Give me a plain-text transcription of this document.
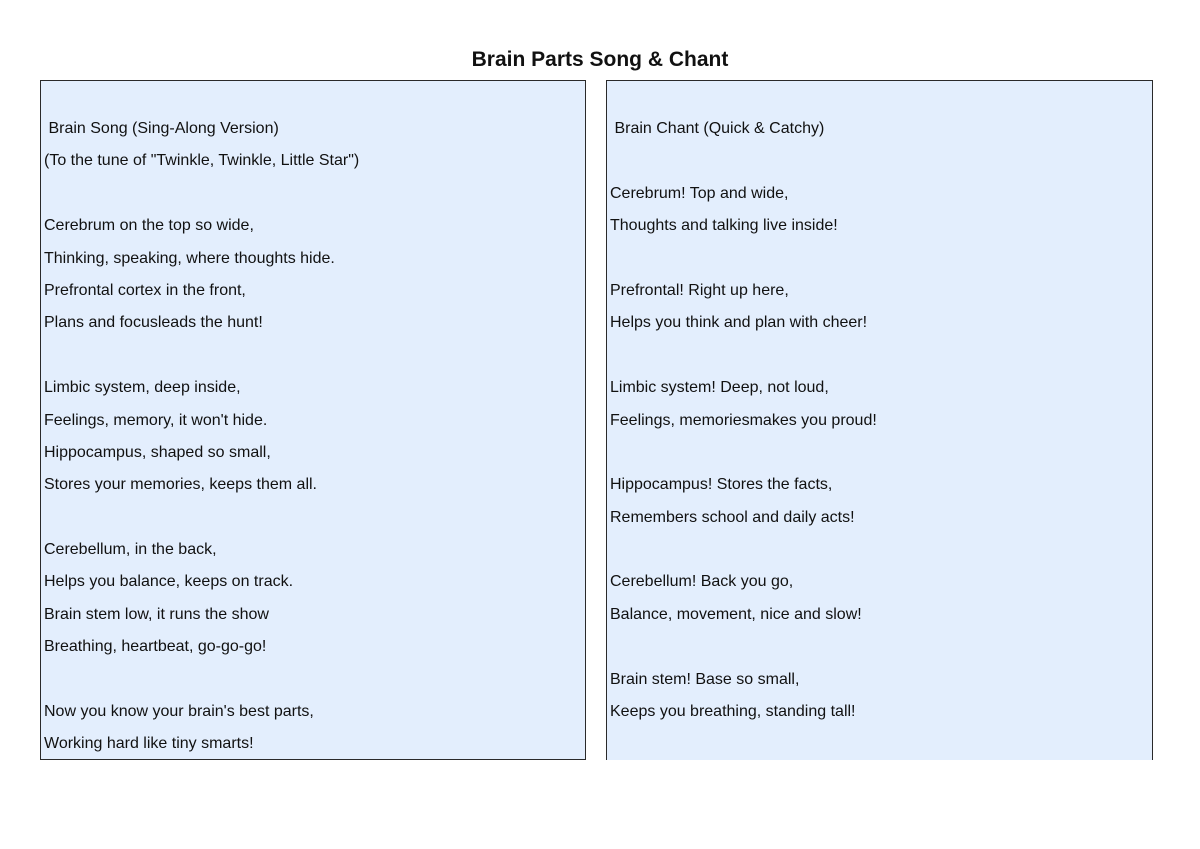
Brain Parts Song & Chant
Brain Song (Sing-Along Version)
(To the tune of "Twinkle, Twinkle, Little Star")
Cerebrum on the top so wide,
Thinking, speaking, where thoughts hide.
Prefrontal cortex in the front,
Plans and focusleads the hunt!
Limbic system, deep inside,
Feelings, memory, it won't hide.
Hippocampus, shaped so small,
Stores your memories, keeps them all.
Cerebellum, in the back,
Helps you balance, keeps on track.
Brain stem low, it runs the show
Breathing, heartbeat, go-go-go!
Now you know your brain's best parts,
Working hard like tiny smarts!
Brain Chant (Quick & Catchy)
Cerebrum! Top and wide,
Thoughts and talking live inside!
Prefrontal! Right up here,
Helps you think and plan with cheer!
Limbic system! Deep, not loud,
Feelings, memoriesmakes you proud!
Hippocampus! Stores the facts,
Remembers school and daily acts!
Cerebellum! Back you go,
Balance, movement, nice and slow!
Brain stem! Base so small,
Keeps you breathing, standing tall!
